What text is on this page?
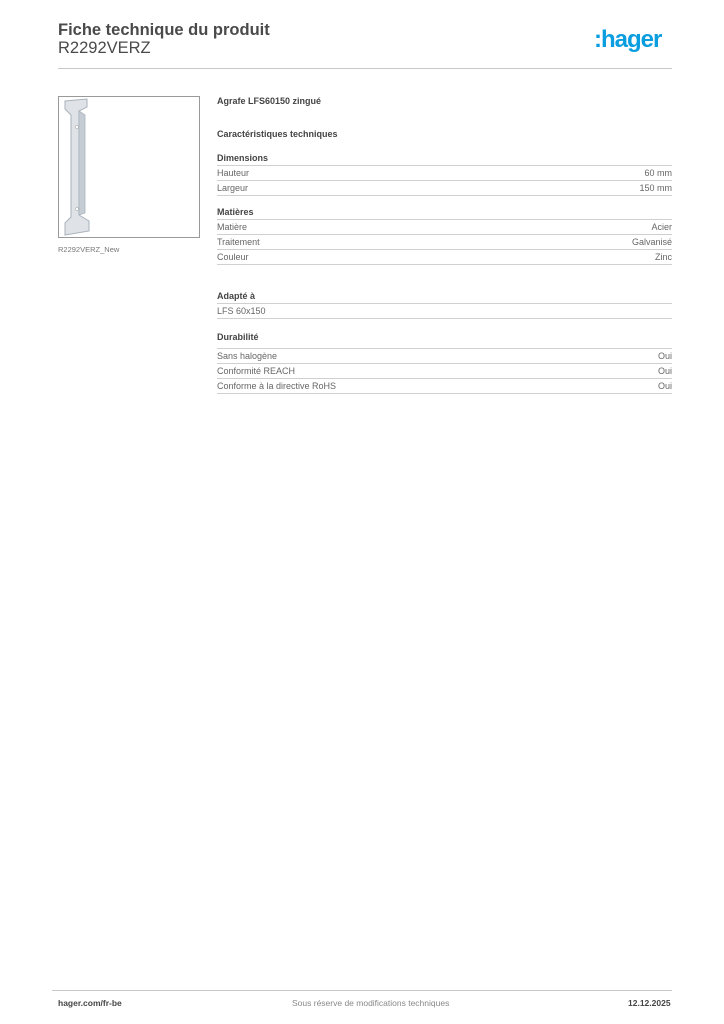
Fiche technique du produit
R2292VERZ	:hager
R2292VERZ_New
Agrafe LFS60150 zingué
Caractéristiques techniques
Dimensions
Hauteur	60 mm
Largeur	150 mm
Matières
Matière	Acier
Traitement	Galvanisé
Couleur	Zinc
Adapté à
LFS 60x150
Durabilité
Sans halogène	Oui
Conformité REACH	Oui
Conforme à la directive RoHS	Oui
hager.com/fr-be	Sous réserve de modifications techniques	12.12.2025
